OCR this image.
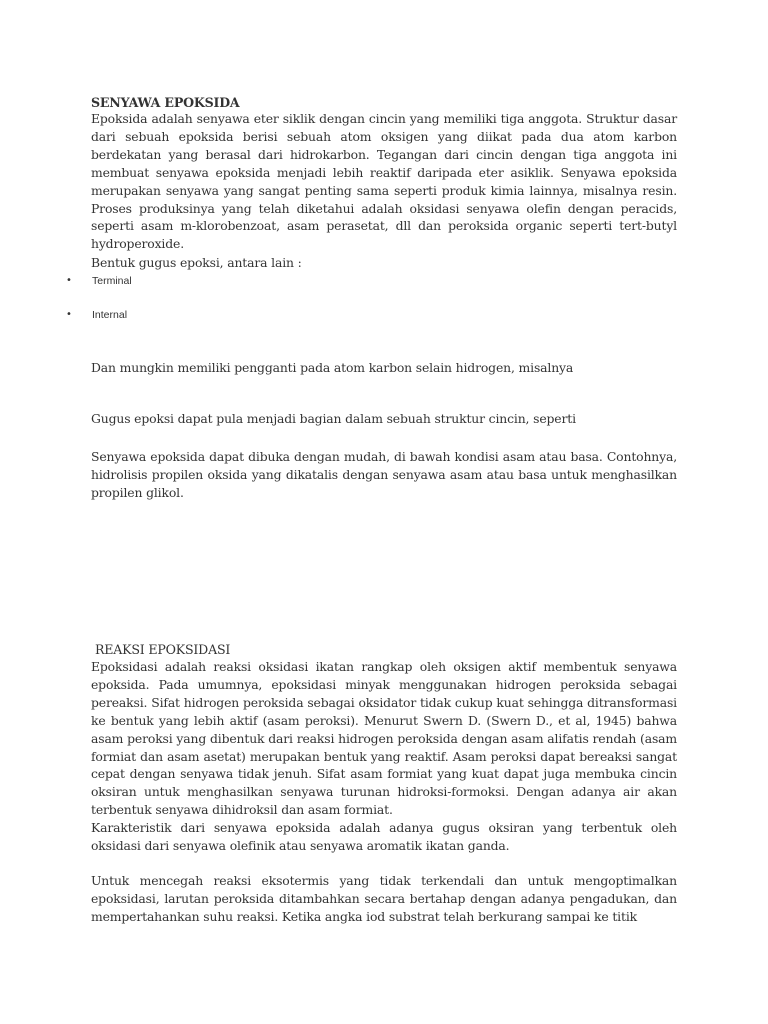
SENYAWA EPOKSIDA
Epoksida adalah senyawa eter siklik dengan cincin yang memiliki tiga anggota. Struktur dasar dari sebuah epoksida berisi sebuah atom oksigen yang diikat pada dua atom karbon berdekatan yang berasal dari hidrokarbon. Tegangan dari cincin dengan tiga anggota ini membuat senyawa epoksida menjadi lebih reaktif daripada eter asiklik. Senyawa epoksida merupakan senyawa yang sangat penting sama seperti produk kimia lainnya, misalnya resin. Proses produksinya yang telah diketahui adalah oksidasi senyawa olefin dengan peracids, seperti asam m-klorobenzoat, asam perasetat, dll dan peroksida organic seperti tert-butyl hydroperoxide.
Bentuk gugus epoksi, antara lain :
• Terminal
• Internal
Dan mungkin memiliki pengganti pada atom karbon selain hidrogen, misalnya
Gugus epoksi dapat pula menjadi bagian dalam sebuah struktur cincin, seperti
Senyawa epoksida dapat dibuka dengan mudah, di bawah kondisi asam atau basa. Contohnya, hidrolisis propilen oksida yang dikatalis dengan senyawa asam atau basa untuk menghasilkan propilen glikol.
REAKSI EPOKSIDASI
Epoksidasi adalah reaksi oksidasi ikatan rangkap oleh oksigen aktif membentuk senyawa epoksida. Pada umumnya, epoksidasi minyak menggunakan hidrogen peroksida sebagai pereaksi. Sifat hidrogen peroksida sebagai oksidator tidak cukup kuat sehingga ditransformasi ke bentuk yang lebih aktif (asam peroksi). Menurut Swern D. (Swern D., et al, 1945) bahwa asam peroksi yang dibentuk dari reaksi hidrogen peroksida dengan asam alifatis rendah (asam formiat dan asam asetat) merupakan bentuk yang reaktif. Asam peroksi dapat bereaksi sangat cepat dengan senyawa tidak jenuh. Sifat asam formiat yang kuat dapat juga membuka cincin oksiran untuk menghasilkan senyawa turunan hidroksi-formoksi. Dengan adanya air akan terbentuk senyawa dihidroksil dan asam formiat.
Karakteristik dari senyawa epoksida adalah adanya gugus oksiran yang terbentuk oleh oksidasi dari senyawa olefinik atau senyawa aromatik ikatan ganda.
Untuk mencegah reaksi eksotermis yang tidak terkendali dan untuk mengoptimalkan epoksidasi, larutan peroksida ditambahkan secara bertahap dengan adanya pengadukan, dan mempertahankan suhu reaksi. Ketika angka iod substrat telah berkurang sampai ke titik
